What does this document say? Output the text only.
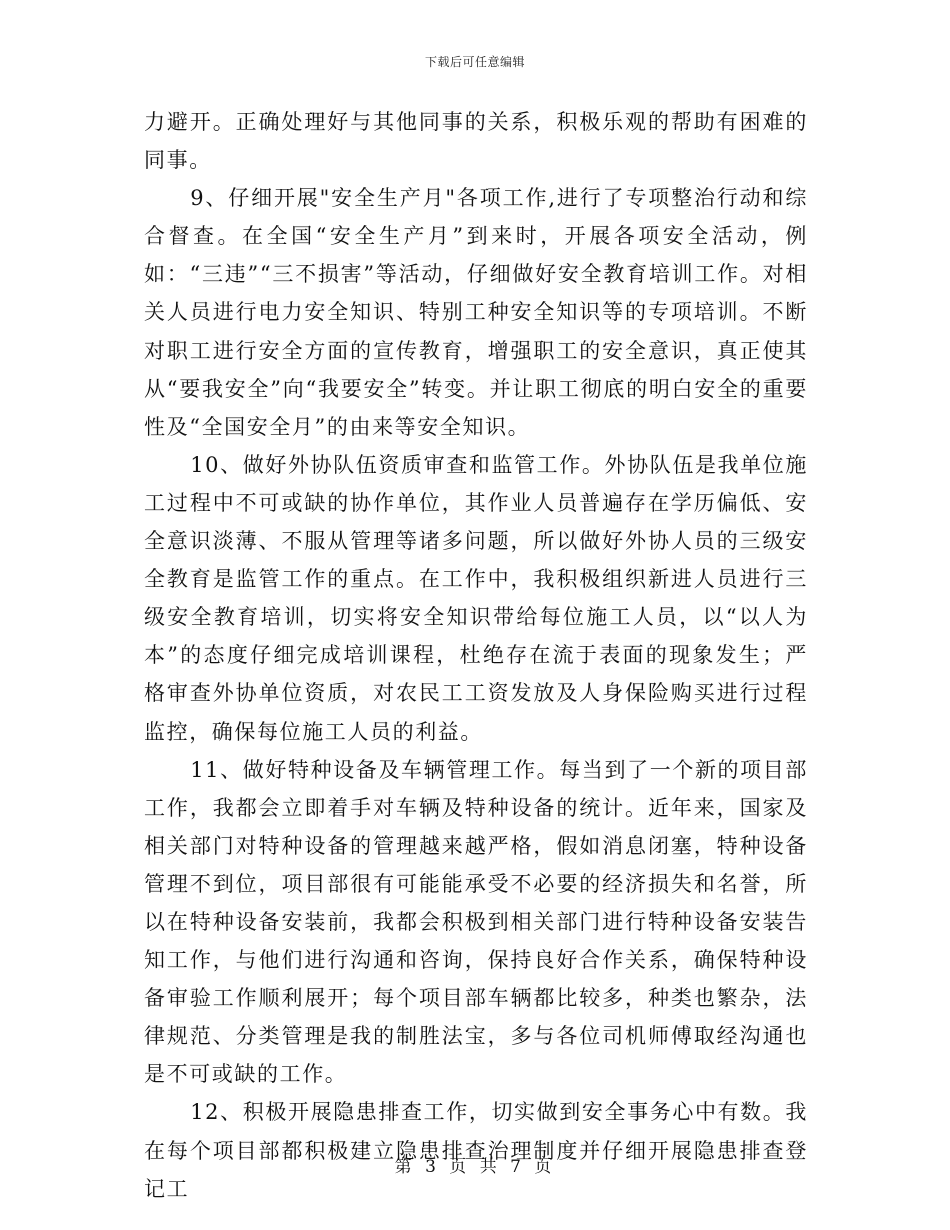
下载后可任意编辑

力避开。正确处理好与其他同事的关系，积极乐观的帮助有困难的同事。

9、仔细开展"安全生产月"各项工作,进行了专项整治行动和综合督查。在全国“安全生产月”到来时，开展各项安全活动，例如：“三违”“三不损害”等活动，仔细做好安全教育培训工作。对相关人员进行电力安全知识、特别工种安全知识等的专项培训。不断对职工进行安全方面的宣传教育，增强职工的安全意识，真正使其从“要我安全”向“我要安全”转变。并让职工彻底的明白安全的重要性及“全国安全月”的由来等安全知识。

10、做好外协队伍资质审查和监管工作。外协队伍是我单位施工过程中不可或缺的协作单位，其作业人员普遍存在学历偏低、安全意识淡薄、不服从管理等诸多问题，所以做好外协人员的三级安全教育是监管工作的重点。在工作中，我积极组织新进人员进行三级安全教育培训，切实将安全知识带给每位施工人员，以“以人为本”的态度仔细完成培训课程，杜绝存在流于表面的现象发生；严格审查外协单位资质，对农民工工资发放及人身保险购买进行过程监控，确保每位施工人员的利益。

11、做好特种设备及车辆管理工作。每当到了一个新的项目部工作，我都会立即着手对车辆及特种设备的统计。近年来，国家及相关部门对特种设备的管理越来越严格，假如消息闭塞，特种设备管理不到位，项目部很有可能能承受不必要的经济损失和名誉，所以在特种设备安装前，我都会积极到相关部门进行特种设备安装告知工作，与他们进行沟通和咨询，保持良好合作关系，确保特种设备审验工作顺利展开；每个项目部车辆都比较多，种类也繁杂，法律规范、分类管理是我的制胜法宝，多与各位司机师傅取经沟通也是不可或缺的工作。

12、积极开展隐患排查工作，切实做到安全事务心中有数。我在每个项目部都积极建立隐患排查治理制度并仔细开展隐患排查登记工

第 3 页 共 7 页
